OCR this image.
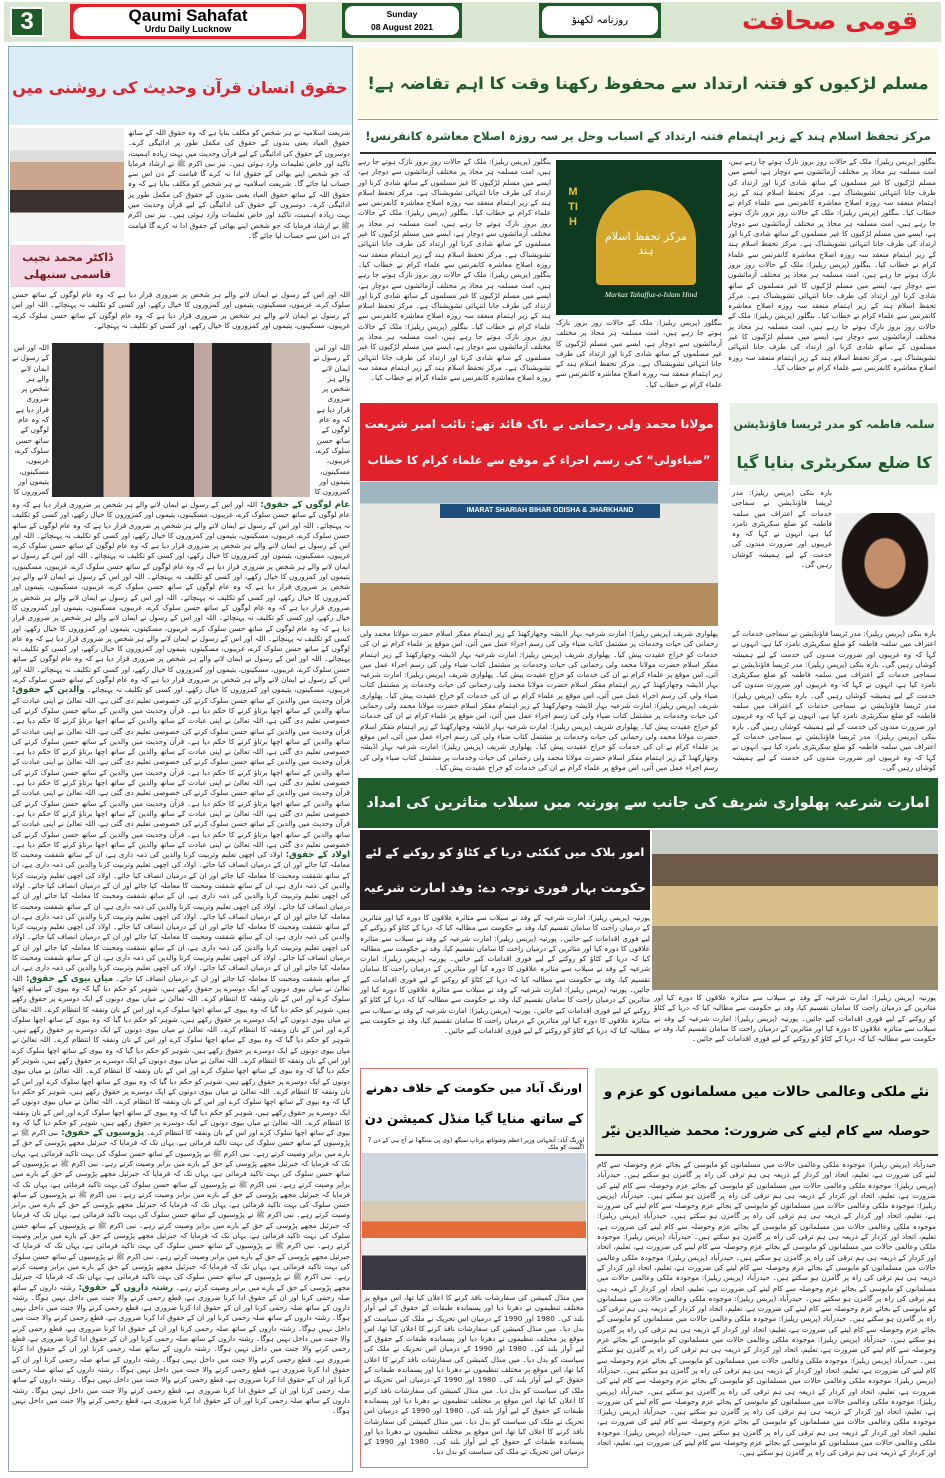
3	Qaumi Sahafat
Urdu Daily Lucknow
Sunday
08 August 2021
روزنامہ لکھنؤ	قومی صحافت
حقوق انسان قرآن وحدیث کی روشنی میں
ڈاکٹر محمد نجیب قاسمی سنبھلی
شریعت اسلامیہ نے ہر شخص کو مکلف بنایا ہے کہ وہ حقوق اللہ کے ساتھ حقوق العباد یعنی بندوں کے حقوق کی مکمل طور پر ادائیگی کرے۔ دوسروں کے حقوق کی ادائیگی کے لیے قرآن وحدیث میں بہت زیادہ اہمیت، تاکید اور خاص تعلیمات وارد ہوئی ہیں۔ نیز نبی اکرم ﷺ نے ارشاد فرمایا کہ جو شخص اپنے بھائی کے حقوق ادا نہ کرے گا قیامت کے دن اس سے حساب لیا جائے گا۔ شریعت اسلامیہ نے ہر شخص کو مکلف بنایا ہے کہ وہ حقوق اللہ کے ساتھ حقوق العباد یعنی بندوں کے حقوق کی مکمل طور پر ادائیگی کرے۔ دوسروں کے حقوق کی ادائیگی کے لیے قرآن وحدیث میں بہت زیادہ اہمیت، تاکید اور خاص تعلیمات وارد ہوئی ہیں۔ نیز نبی اکرم ﷺ نے ارشاد فرمایا کہ جو شخص اپنے بھائی کے حقوق ادا نہ کرے گا قیامت کے دن اس سے حساب لیا جائے گا۔
اللہ اور اس کے رسول نے ایمان لانے والے ہر شخص پر ضروری قرار دیا ہے کہ وہ عام لوگوں کے ساتھ حسن سلوک کرے، غریبوں، مسکینوں، یتیموں اور کمزوروں کا خیال رکھے، اور کسی کو تکلیف نہ پہنچائے۔ اللہ اور اس کے رسول نے ایمان لانے والے ہر شخص پر ضروری قرار دیا ہے کہ وہ عام لوگوں کے ساتھ حسن سلوک کرے، غریبوں، مسکینوں، یتیموں اور کمزوروں کا خیال رکھے، اور کسی کو تکلیف نہ پہنچائے۔
اللہ اور اس کے رسول نے ایمان لانے والے ہر شخص پر ضروری قرار دیا ہے کہ وہ عام لوگوں کے ساتھ حسن سلوک کرے، غریبوں، مسکینوں، یتیموں اور کمزوروں کا
اللہ اور اس کے رسول نے ایمان لانے والے ہر شخص پر ضروری قرار دیا ہے کہ وہ عام لوگوں کے ساتھ حسن سلوک کرے، غریبوں، مسکینوں، یتیموں اور کمزوروں کا
عام لوگوں کے حقوق: اللہ اور اس کے رسول نے ایمان لانے والے ہر شخص پر ضروری قرار دیا ہے کہ وہ عام لوگوں کے ساتھ حسن سلوک کرے، غریبوں، مسکینوں، یتیموں اور کمزوروں کا خیال رکھے، اور کسی کو تکلیف نہ پہنچائے۔ اللہ اور اس کے رسول نے ایمان لانے والے ہر شخص پر ضروری قرار دیا ہے کہ وہ عام لوگوں کے ساتھ حسن سلوک کرے، غریبوں، مسکینوں، یتیموں اور کمزوروں کا خیال رکھے، اور کسی کو تکلیف نہ پہنچائے۔ اللہ اور اس کے رسول نے ایمان لانے والے ہر شخص پر ضروری قرار دیا ہے کہ وہ عام لوگوں کے ساتھ حسن سلوک کرے، غریبوں، مسکینوں، یتیموں اور کمزوروں کا خیال رکھے، اور کسی کو تکلیف نہ پہنچائے۔ اللہ اور اس کے رسول نے ایمان لانے والے ہر شخص پر ضروری قرار دیا ہے کہ وہ عام لوگوں کے ساتھ حسن سلوک کرے، غریبوں، مسکینوں، یتیموں اور کمزوروں کا خیال رکھے، اور کسی کو تکلیف نہ پہنچائے۔ اللہ اور اس کے رسول نے ایمان لانے والے ہر شخص پر ضروری قرار دیا ہے کہ وہ عام لوگوں کے ساتھ حسن سلوک کرے، غریبوں، مسکینوں، یتیموں اور کمزوروں کا خیال رکھے، اور کسی کو تکلیف نہ پہنچائے۔ اللہ اور اس کے رسول نے ایمان لانے والے ہر شخص پر ضروری قرار دیا ہے کہ وہ عام لوگوں کے ساتھ حسن سلوک کرے، غریبوں، مسکینوں، یتیموں اور کمزوروں کا خیال رکھے، اور کسی کو تکلیف نہ پہنچائے۔ اللہ اور اس کے رسول نے ایمان لانے والے ہر شخص پر ضروری قرار دیا ہے کہ وہ عام لوگوں کے ساتھ حسن سلوک کرے، غریبوں، مسکینوں، یتیموں اور کمزوروں کا خیال رکھے، اور کسی کو تکلیف نہ پہنچائے۔ اللہ اور اس کے رسول نے ایمان لانے والے ہر شخص پر ضروری قرار دیا ہے کہ وہ عام لوگوں کے ساتھ حسن سلوک کرے، غریبوں، مسکینوں، یتیموں اور کمزوروں کا خیال رکھے، اور کسی کو تکلیف نہ پہنچائے۔ اللہ اور اس کے رسول نے ایمان لانے والے ہر شخص پر ضروری قرار دیا ہے کہ وہ عام لوگوں کے ساتھ حسن سلوک کرے، غریبوں، مسکینوں، یتیموں اور کمزوروں کا خیال رکھے، اور کسی کو تکلیف نہ پہنچائے۔ اللہ اور اس کے رسول نے ایمان لانے والے ہر شخص پر ضروری قرار دیا ہے کہ وہ عام لوگوں کے ساتھ حسن سلوک کرے، غریبوں، مسکینوں، یتیموں اور کمزوروں کا خیال رکھے، اور کسی کو تکلیف نہ پہنچائے۔ والدین کے حقوق: قرآن وحدیث میں والدین کے ساتھ حسن سلوک کرنے کی خصوصی تعلیم دی گئی ہے، اللہ تعالیٰ نے اپنی عبادت کے ساتھ والدین کے ساتھ اچھا برتاؤ کرنے کا حکم دیا ہے۔ قرآن وحدیث میں والدین کے ساتھ حسن سلوک کرنے کی خصوصی تعلیم دی گئی ہے، اللہ تعالیٰ نے اپنی عبادت کے ساتھ والدین کے ساتھ اچھا برتاؤ کرنے کا حکم دیا ہے۔ قرآن وحدیث میں والدین کے ساتھ حسن سلوک کرنے کی خصوصی تعلیم دی گئی ہے، اللہ تعالیٰ نے اپنی عبادت کے ساتھ والدین کے ساتھ اچھا برتاؤ کرنے کا حکم دیا ہے۔ قرآن وحدیث میں والدین کے ساتھ حسن سلوک کرنے کی خصوصی تعلیم دی گئی ہے، اللہ تعالیٰ نے اپنی عبادت کے ساتھ والدین کے ساتھ اچھا برتاؤ کرنے کا حکم دیا ہے۔ قرآن وحدیث میں والدین کے ساتھ حسن سلوک کرنے کی خصوصی تعلیم دی گئی ہے، اللہ تعالیٰ نے اپنی عبادت کے ساتھ والدین کے ساتھ اچھا برتاؤ کرنے کا حکم دیا ہے۔ قرآن وحدیث میں والدین کے ساتھ حسن سلوک کرنے کی خصوصی تعلیم دی گئی ہے، اللہ تعالیٰ نے اپنی عبادت کے ساتھ والدین کے ساتھ اچھا برتاؤ کرنے کا حکم دیا ہے۔ قرآن وحدیث میں والدین کے ساتھ حسن سلوک کرنے کی خصوصی تعلیم دی گئی ہے، اللہ تعالیٰ نے اپنی عبادت کے ساتھ والدین کے ساتھ اچھا برتاؤ کرنے کا حکم دیا ہے۔ قرآن وحدیث میں والدین کے ساتھ حسن سلوک کرنے کی خصوصی تعلیم دی گئی ہے، اللہ تعالیٰ نے اپنی عبادت کے ساتھ والدین کے ساتھ اچھا برتاؤ کرنے کا حکم دیا ہے۔ قرآن وحدیث میں والدین کے ساتھ حسن سلوک کرنے کی خصوصی تعلیم دی گئی ہے، اللہ تعالیٰ نے اپنی عبادت کے ساتھ والدین کے ساتھ اچھا برتاؤ کرنے کا حکم دیا ہے۔ قرآن وحدیث میں والدین کے ساتھ حسن سلوک کرنے کی خصوصی تعلیم دی گئی ہے، اللہ تعالیٰ نے اپنی عبادت کے ساتھ والدین کے ساتھ اچھا برتاؤ کرنے کا حکم دیا ہے۔ اولاد کے حقوق: اولاد کی اچھی تعلیم وتربیت کرنا والدین کی ذمہ داری ہے، ان کے ساتھ شفقت ومحبت کا معاملہ کیا جائے اور ان کے درمیان انصاف کیا جائے۔ اولاد کی اچھی تعلیم وتربیت کرنا والدین کی ذمہ داری ہے، ان کے ساتھ شفقت ومحبت کا معاملہ کیا جائے اور ان کے درمیان انصاف کیا جائے۔ اولاد کی اچھی تعلیم وتربیت کرنا والدین کی ذمہ داری ہے، ان کے ساتھ شفقت ومحبت کا معاملہ کیا جائے اور ان کے درمیان انصاف کیا جائے۔ اولاد کی اچھی تعلیم وتربیت کرنا والدین کی ذمہ داری ہے، ان کے ساتھ شفقت ومحبت کا معاملہ کیا جائے اور ان کے درمیان انصاف کیا جائے۔ اولاد کی اچھی تعلیم وتربیت کرنا والدین کی ذمہ داری ہے، ان کے ساتھ شفقت ومحبت کا معاملہ کیا جائے اور ان کے درمیان انصاف کیا جائے۔ اولاد کی اچھی تعلیم وتربیت کرنا والدین کی ذمہ داری ہے، ان کے ساتھ شفقت ومحبت کا معاملہ کیا جائے اور ان کے درمیان انصاف کیا جائے۔ اولاد کی اچھی تعلیم وتربیت کرنا والدین کی ذمہ داری ہے، ان کے ساتھ شفقت ومحبت کا معاملہ کیا جائے اور ان کے درمیان انصاف کیا جائے۔ اولاد کی اچھی تعلیم وتربیت کرنا والدین کی ذمہ داری ہے، ان کے ساتھ شفقت ومحبت کا معاملہ کیا جائے اور ان کے درمیان انصاف کیا جائے۔ اولاد کی اچھی تعلیم وتربیت کرنا والدین کی ذمہ داری ہے، ان کے ساتھ شفقت ومحبت کا معاملہ کیا جائے اور ان کے درمیان انصاف کیا جائے۔ اولاد کی اچھی تعلیم وتربیت کرنا والدین کی ذمہ داری ہے، ان کے ساتھ شفقت ومحبت کا معاملہ کیا جائے اور ان کے درمیان انصاف کیا جائے۔ میاں بیوی کے حقوق: اللہ تعالیٰ نے میاں بیوی دونوں کے ایک دوسرے پر حقوق رکھے ہیں، شوہر کو حکم دیا گیا کہ وہ بیوی کے ساتھ اچھا سلوک کرے اور اس کے نان ونفقہ کا انتظام کرے۔ اللہ تعالیٰ نے میاں بیوی دونوں کے ایک دوسرے پر حقوق رکھے ہیں، شوہر کو حکم دیا گیا کہ وہ بیوی کے ساتھ اچھا سلوک کرے اور اس کے نان ونفقہ کا انتظام کرے۔ اللہ تعالیٰ نے میاں بیوی دونوں کے ایک دوسرے پر حقوق رکھے ہیں، شوہر کو حکم دیا گیا کہ وہ بیوی کے ساتھ اچھا سلوک کرے اور اس کے نان ونفقہ کا انتظام کرے۔ اللہ تعالیٰ نے میاں بیوی دونوں کے ایک دوسرے پر حقوق رکھے ہیں، شوہر کو حکم دیا گیا کہ وہ بیوی کے ساتھ اچھا سلوک کرے اور اس کے نان ونفقہ کا انتظام کرے۔ اللہ تعالیٰ نے میاں بیوی دونوں کے ایک دوسرے پر حقوق رکھے ہیں، شوہر کو حکم دیا گیا کہ وہ بیوی کے ساتھ اچھا سلوک کرے اور اس کے نان ونفقہ کا انتظام کرے۔ اللہ تعالیٰ نے میاں بیوی دونوں کے ایک دوسرے پر حقوق رکھے ہیں، شوہر کو حکم دیا گیا کہ وہ بیوی کے ساتھ اچھا سلوک کرے اور اس کے نان ونفقہ کا انتظام کرے۔ اللہ تعالیٰ نے میاں بیوی دونوں کے ایک دوسرے پر حقوق رکھے ہیں، شوہر کو حکم دیا گیا کہ وہ بیوی کے ساتھ اچھا سلوک کرے اور اس کے نان ونفقہ کا انتظام کرے۔ اللہ تعالیٰ نے میاں بیوی دونوں کے ایک دوسرے پر حقوق رکھے ہیں، شوہر کو حکم دیا گیا کہ وہ بیوی کے ساتھ اچھا سلوک کرے اور اس کے نان ونفقہ کا انتظام کرے۔ اللہ تعالیٰ نے میاں بیوی دونوں کے ایک دوسرے پر حقوق رکھے ہیں، شوہر کو حکم دیا گیا کہ وہ بیوی کے ساتھ اچھا سلوک کرے اور اس کے نان ونفقہ کا انتظام کرے۔ اللہ تعالیٰ نے میاں بیوی دونوں کے ایک دوسرے پر حقوق رکھے ہیں، شوہر کو حکم دیا گیا کہ وہ بیوی کے ساتھ اچھا سلوک کرے اور اس کے نان ونفقہ کا انتظام کرے۔ پڑوسیوں کے حقوق: نبی اکرم ﷺ نے پڑوسیوں کے ساتھ حسن سلوک کی بہت تاکید فرمائی ہے، یہاں تک کہ فرمایا کہ جبرئیل مجھے پڑوسی کے حق کے بارے میں برابر وصیت کرتے رہے۔ نبی اکرم ﷺ نے پڑوسیوں کے ساتھ حسن سلوک کی بہت تاکید فرمائی ہے، یہاں تک کہ فرمایا کہ جبرئیل مجھے پڑوسی کے حق کے بارے میں برابر وصیت کرتے رہے۔ نبی اکرم ﷺ نے پڑوسیوں کے ساتھ حسن سلوک کی بہت تاکید فرمائی ہے، یہاں تک کہ فرمایا کہ جبرئیل مجھے پڑوسی کے حق کے بارے میں برابر وصیت کرتے رہے۔ نبی اکرم ﷺ نے پڑوسیوں کے ساتھ حسن سلوک کی بہت تاکید فرمائی ہے، یہاں تک کہ فرمایا کہ جبرئیل مجھے پڑوسی کے حق کے بارے میں برابر وصیت کرتے رہے۔ نبی اکرم ﷺ نے پڑوسیوں کے ساتھ حسن سلوک کی بہت تاکید فرمائی ہے، یہاں تک کہ فرمایا کہ جبرئیل مجھے پڑوسی کے حق کے بارے میں برابر وصیت کرتے رہے۔ نبی اکرم ﷺ نے پڑوسیوں کے ساتھ حسن سلوک کی بہت تاکید فرمائی ہے، یہاں تک کہ فرمایا کہ جبرئیل مجھے پڑوسی کے حق کے بارے میں برابر وصیت کرتے رہے۔ نبی اکرم ﷺ نے پڑوسیوں کے ساتھ حسن سلوک کی بہت تاکید فرمائی ہے، یہاں تک کہ فرمایا کہ جبرئیل مجھے پڑوسی کے حق کے بارے میں برابر وصیت کرتے رہے۔ نبی اکرم ﷺ نے پڑوسیوں کے ساتھ حسن سلوک کی بہت تاکید فرمائی ہے، یہاں تک کہ فرمایا کہ جبرئیل مجھے پڑوسی کے حق کے بارے میں برابر وصیت کرتے رہے۔ نبی اکرم ﷺ نے پڑوسیوں کے ساتھ حسن سلوک کی بہت تاکید فرمائی ہے، یہاں تک کہ فرمایا کہ جبرئیل مجھے پڑوسی کے حق کے بارے میں برابر وصیت کرتے رہے۔ نبی اکرم ﷺ نے پڑوسیوں کے ساتھ حسن سلوک کی بہت تاکید فرمائی ہے، یہاں تک کہ فرمایا کہ جبرئیل مجھے پڑوسی کے حق کے بارے میں برابر وصیت کرتے رہے۔ رشتہ داروں کے حقوق: رشتہ داروں کے ساتھ صلہ رحمی کرنا اور ان کے حقوق ادا کرنا ضروری ہے، قطع رحمی کرنے والا جنت میں داخل نہیں ہوگا۔ رشتہ داروں کے ساتھ صلہ رحمی کرنا اور ان کے حقوق ادا کرنا ضروری ہے، قطع رحمی کرنے والا جنت میں داخل نہیں ہوگا۔ رشتہ داروں کے ساتھ صلہ رحمی کرنا اور ان کے حقوق ادا کرنا ضروری ہے، قطع رحمی کرنے والا جنت میں داخل نہیں ہوگا۔ رشتہ داروں کے ساتھ صلہ رحمی کرنا اور ان کے حقوق ادا کرنا ضروری ہے، قطع رحمی کرنے والا جنت میں داخل نہیں ہوگا۔ رشتہ داروں کے ساتھ صلہ رحمی کرنا اور ان کے حقوق ادا کرنا ضروری ہے، قطع رحمی کرنے والا جنت میں داخل نہیں ہوگا۔ رشتہ داروں کے ساتھ صلہ رحمی کرنا اور ان کے حقوق ادا کرنا ضروری ہے، قطع رحمی کرنے والا جنت میں داخل نہیں ہوگا۔ رشتہ داروں کے ساتھ صلہ رحمی کرنا اور ان کے حقوق ادا کرنا ضروری ہے، قطع رحمی کرنے والا جنت میں داخل نہیں ہوگا۔ رشتہ داروں کے ساتھ صلہ رحمی کرنا اور ان کے حقوق ادا کرنا ضروری ہے، قطع رحمی کرنے والا جنت میں داخل نہیں ہوگا۔ رشتہ داروں کے ساتھ صلہ رحمی کرنا اور ان کے حقوق ادا کرنا ضروری ہے، قطع رحمی کرنے والا جنت میں داخل نہیں ہوگا۔ رشتہ داروں کے ساتھ صلہ رحمی کرنا اور ان کے حقوق ادا کرنا ضروری ہے، قطع رحمی کرنے والا جنت میں داخل نہیں ہوگا۔
مسلم لڑکیوں کو فتنہ ارتداد سے محفوظ رکھنا وقت کا اہم تقاضہ ہے!
مرکز تحفظ اسلام ہند کے زیر اہتمام فتنہ ارتداد کے اسباب وحل پر سہ روزہ اصلاح معاشرہ کانفرنس!
بنگلور (پریس ریلیز): ملک کے حالات روز بروز نازک ہوتے جا رہے ہیں، امت مسلمہ ہر محاذ پر مختلف آزمائشوں سے دوچار ہے، ایسے میں مسلم لڑکیوں کا غیر مسلموں کے ساتھ شادی کرنا اور ارتداد کی طرف جانا انتہائی تشویشناک ہے۔ مرکز تحفظ اسلام ہند کے زیر اہتمام منعقد سہ روزہ اصلاح معاشرہ کانفرنس سے علماء کرام نے خطاب کیا۔ بنگلور (پریس ریلیز): ملک کے حالات روز بروز نازک ہوتے جا رہے ہیں، امت مسلمہ ہر محاذ پر مختلف آزمائشوں سے دوچار ہے، ایسے میں مسلم لڑکیوں کا غیر مسلموں کے ساتھ شادی کرنا اور ارتداد کی طرف جانا انتہائی تشویشناک ہے۔ مرکز تحفظ اسلام ہند کے زیر اہتمام منعقد سہ روزہ اصلاح معاشرہ کانفرنس سے علماء کرام نے خطاب کیا۔ بنگلور (پریس ریلیز): ملک کے حالات روز بروز نازک ہوتے جا رہے ہیں، امت مسلمہ ہر محاذ پر مختلف آزمائشوں سے دوچار ہے، ایسے میں مسلم لڑکیوں کا غیر مسلموں کے ساتھ شادی کرنا اور ارتداد کی طرف جانا انتہائی تشویشناک ہے۔ مرکز تحفظ اسلام ہند کے زیر اہتمام منعقد سہ روزہ اصلاح معاشرہ کانفرنس سے علماء کرام نے خطاب کیا۔ بنگلور (پریس ریلیز): ملک کے حالات روز بروز نازک ہوتے جا رہے ہیں، امت مسلمہ ہر محاذ پر مختلف آزمائشوں سے دوچار ہے، ایسے میں مسلم لڑکیوں کا غیر مسلموں کے ساتھ شادی کرنا اور ارتداد کی طرف جانا انتہائی تشویشناک ہے۔ مرکز تحفظ اسلام ہند کے زیر اہتمام منعقد سہ روزہ اصلاح معاشرہ کانفرنس سے علماء کرام نے خطاب کیا۔
MTIH
مرکز تحفظ اسلام ہند
Markaz Tahaffuz-e-Islam Hind
بنگلور (پریس ریلیز): ملک کے حالات روز بروز نازک ہوتے جا رہے ہیں، امت مسلمہ ہر محاذ پر مختلف آزمائشوں سے دوچار ہے، ایسے میں مسلم لڑکیوں کا غیر مسلموں کے ساتھ شادی کرنا اور ارتداد کی طرف جانا انتہائی تشویشناک ہے۔ مرکز تحفظ اسلام ہند کے زیر اہتمام منعقد سہ روزہ اصلاح معاشرہ کانفرنس سے علماء کرام نے خطاب کیا۔ بنگلور (پریس ریلیز): ملک کے حالات روز بروز نازک ہوتے جا رہے ہیں، امت مسلمہ ہر محاذ پر مختلف آزمائشوں سے دوچار ہے، ایسے میں مسلم لڑکیوں کا غیر مسلموں کے ساتھ شادی کرنا اور ارتداد کی طرف جانا انتہائی تشویشناک ہے۔ مرکز تحفظ اسلام ہند کے زیر اہتمام منعقد سہ روزہ اصلاح معاشرہ کانفرنس سے علماء کرام نے خطاب کیا۔ بنگلور (پریس ریلیز): ملک کے حالات روز بروز نازک ہوتے جا رہے ہیں، امت مسلمہ ہر محاذ پر مختلف آزمائشوں سے دوچار ہے، ایسے میں مسلم لڑکیوں کا غیر مسلموں کے ساتھ شادی کرنا اور ارتداد کی طرف جانا انتہائی تشویشناک ہے۔ مرکز تحفظ اسلام ہند کے زیر اہتمام منعقد سہ روزہ اصلاح معاشرہ کانفرنس سے علماء کرام نے خطاب کیا۔ بنگلور (پریس ریلیز): ملک کے حالات روز بروز نازک ہوتے جا رہے ہیں، امت مسلمہ ہر محاذ پر مختلف آزمائشوں سے دوچار ہے، ایسے میں مسلم لڑکیوں کا غیر مسلموں کے ساتھ شادی کرنا اور ارتداد کی طرف جانا انتہائی تشویشناک ہے۔ مرکز تحفظ اسلام ہند کے زیر اہتمام منعقد سہ روزہ اصلاح معاشرہ کانفرنس سے علماء کرام نے خطاب کیا۔
بنگلور (پریس ریلیز): ملک کے حالات روز بروز نازک ہوتے جا رہے ہیں، امت مسلمہ ہر محاذ پر مختلف آزمائشوں سے دوچار ہے، ایسے میں مسلم لڑکیوں کا غیر مسلموں کے ساتھ شادی کرنا اور ارتداد کی طرف جانا انتہائی تشویشناک ہے۔ مرکز تحفظ اسلام ہند کے زیر اہتمام منعقد سہ روزہ اصلاح معاشرہ کانفرنس سے علماء کرام نے خطاب کیا۔
مولانا محمد ولی رحمانی بے باک قائد تھے: نائب امیر شریعت
”ضیاءولی“ کی رسم اجراء کے موقع سے علماء کرام کا خطاب
IMARAT SHARIAH BIHAR ODISHA & JHARKHAND
پھلواری شریف (پریس ریلیز): امارت شرعیہ بہار اڈیشہ وجھارکھنڈ کے زیر اہتمام مفکر اسلام حضرت مولانا محمد ولی رحمانی کی حیات وخدمات پر مشتمل کتاب ضیاء ولی کی رسم اجراء عمل میں آئی، اس موقع پر علماء کرام نے ان کی خدمات کو خراج عقیدت پیش کیا۔ پھلواری شریف (پریس ریلیز): امارت شرعیہ بہار اڈیشہ وجھارکھنڈ کے زیر اہتمام مفکر اسلام حضرت مولانا محمد ولی رحمانی کی حیات وخدمات پر مشتمل کتاب ضیاء ولی کی رسم اجراء عمل میں آئی، اس موقع پر علماء کرام نے ان کی خدمات کو خراج عقیدت پیش کیا۔ پھلواری شریف (پریس ریلیز): امارت شرعیہ بہار اڈیشہ وجھارکھنڈ کے زیر اہتمام مفکر اسلام حضرت مولانا محمد ولی رحمانی کی حیات وخدمات پر مشتمل کتاب ضیاء ولی کی رسم اجراء عمل میں آئی، اس موقع پر علماء کرام نے ان کی خدمات کو خراج عقیدت پیش کیا۔ پھلواری شریف (پریس ریلیز): امارت شرعیہ بہار اڈیشہ وجھارکھنڈ کے زیر اہتمام مفکر اسلام حضرت مولانا محمد ولی رحمانی کی حیات وخدمات پر مشتمل کتاب ضیاء ولی کی رسم اجراء عمل میں آئی، اس موقع پر علماء کرام نے ان کی خدمات کو خراج عقیدت پیش کیا۔ پھلواری شریف (پریس ریلیز): امارت شرعیہ بہار اڈیشہ وجھارکھنڈ کے زیر اہتمام مفکر اسلام حضرت مولانا محمد ولی رحمانی کی حیات وخدمات پر مشتمل کتاب ضیاء ولی کی رسم اجراء عمل میں آئی، اس موقع پر علماء کرام نے ان کی خدمات کو خراج عقیدت پیش کیا۔ پھلواری شریف (پریس ریلیز): امارت شرعیہ بہار اڈیشہ وجھارکھنڈ کے زیر اہتمام مفکر اسلام حضرت مولانا محمد ولی رحمانی کی حیات وخدمات پر مشتمل کتاب ضیاء ولی کی رسم اجراء عمل میں آئی، اس موقع پر علماء کرام نے ان کی خدمات کو خراج عقیدت پیش کیا۔
سلمہ فاطمہ کو مدر ٹریسا فاؤنڈیشن
کا ضلع سکریٹری بنایا گیا
بارہ بنکی (پریس ریلیز): مدر ٹریسا فاؤنڈیشن نے سماجی خدمات کے اعتراف میں سلمہ فاطمہ کو ضلع سکریٹری نامزد کیا ہے، انہوں نے کہا کہ وہ غریبوں اور ضرورت مندوں کی خدمت کے لیے ہمیشہ کوشاں رہیں گی۔
بارہ بنکی (پریس ریلیز): مدر ٹریسا فاؤنڈیشن نے سماجی خدمات کے اعتراف میں سلمہ فاطمہ کو ضلع سکریٹری نامزد کیا ہے، انہوں نے کہا کہ وہ غریبوں اور ضرورت مندوں کی خدمت کے لیے ہمیشہ کوشاں رہیں گی۔ بارہ بنکی (پریس ریلیز): مدر ٹریسا فاؤنڈیشن نے سماجی خدمات کے اعتراف میں سلمہ فاطمہ کو ضلع سکریٹری نامزد کیا ہے، انہوں نے کہا کہ وہ غریبوں اور ضرورت مندوں کی خدمت کے لیے ہمیشہ کوشاں رہیں گی۔ بارہ بنکی (پریس ریلیز): مدر ٹریسا فاؤنڈیشن نے سماجی خدمات کے اعتراف میں سلمہ فاطمہ کو ضلع سکریٹری نامزد کیا ہے، انہوں نے کہا کہ وہ غریبوں اور ضرورت مندوں کی خدمت کے لیے ہمیشہ کوشاں رہیں گی۔ بارہ بنکی (پریس ریلیز): مدر ٹریسا فاؤنڈیشن نے سماجی خدمات کے اعتراف میں سلمہ فاطمہ کو ضلع سکریٹری نامزد کیا ہے، انہوں نے کہا کہ وہ غریبوں اور ضرورت مندوں کی خدمت کے لیے ہمیشہ کوشاں رہیں گی۔
امارت شرعیہ پھلواری شریف کی جانب سے پورنیہ میں سیلاب متاثرین کی امداد
امور بلاک میں کنکئی دریا کے کٹاؤ کو روکنے کے لئے
حکومت بہار فوری توجہ دے: وفد امارت شرعیہ
پورنیہ (پریس ریلیز): امارت شرعیہ کے وفد نے سیلاب سے متاثرہ علاقوں کا دورہ کیا اور متاثرین کے درمیان راحت کا سامان تقسیم کیا، وفد نے حکومت سے مطالبہ کیا کہ دریا کے کٹاؤ کو روکنے کے لیے فوری اقدامات کیے جائیں۔ پورنیہ (پریس ریلیز): امارت شرعیہ کے وفد نے سیلاب سے متاثرہ علاقوں کا دورہ کیا اور متاثرین کے درمیان راحت کا سامان تقسیم کیا، وفد نے حکومت سے مطالبہ کیا کہ دریا کے کٹاؤ کو روکنے کے لیے فوری اقدامات کیے جائیں۔ پورنیہ (پریس ریلیز): امارت شرعیہ کے وفد نے سیلاب سے متاثرہ علاقوں کا دورہ کیا اور متاثرین کے درمیان راحت کا سامان تقسیم کیا، وفد نے حکومت سے مطالبہ کیا کہ دریا کے کٹاؤ کو روکنے کے لیے فوری اقدامات کیے جائیں۔ پورنیہ (پریس ریلیز): امارت شرعیہ کے وفد نے سیلاب سے متاثرہ علاقوں کا دورہ کیا اور متاثرین کے درمیان راحت کا سامان تقسیم کیا، وفد نے حکومت سے مطالبہ کیا کہ دریا کے کٹاؤ کو روکنے کے لیے فوری اقدامات کیے جائیں۔ پورنیہ (پریس ریلیز): امارت شرعیہ کے وفد نے سیلاب سے متاثرہ علاقوں کا دورہ کیا اور متاثرین کے درمیان راحت کا سامان تقسیم کیا، وفد نے حکومت سے مطالبہ کیا کہ دریا کے کٹاؤ کو روکنے کے لیے فوری اقدامات کیے جائیں۔
پورنیہ (پریس ریلیز): امارت شرعیہ کے وفد نے سیلاب سے متاثرہ علاقوں کا دورہ کیا اور متاثرین کے درمیان راحت کا سامان تقسیم کیا، وفد نے حکومت سے مطالبہ کیا کہ دریا کے کٹاؤ کو روکنے کے لیے فوری اقدامات کیے جائیں۔ پورنیہ (پریس ریلیز): امارت شرعیہ کے وفد نے سیلاب سے متاثرہ علاقوں کا دورہ کیا اور متاثرین کے درمیان راحت کا سامان تقسیم کیا، وفد نے حکومت سے مطالبہ کیا کہ دریا کے کٹاؤ کو روکنے کے لیے فوری اقدامات کیے جائیں۔
اورنگ آباد میں حکومت کے خلاف دھرنے
کے ساتھ منایا گیا منڈل کمیشن دن
اورنگ آباد: آنجہانی وزیر اعظم وشوناتھ پرتاپ سنگھ (وی پی سنگھ) نے آج ہی کے دن 7 اگست کو ملک
میں منڈل کمیشن کی سفارشات نافذ کرنے کا اعلان کیا تھا، اس موقع پر مختلف تنظیموں نے دھرنا دیا اور پسماندہ طبقات کے حقوق کے لیے آواز بلند کی۔ 1980 اور 1990 کے درمیان اس تحریک نے ملک کی سیاست کو بدل دیا۔ میں منڈل کمیشن کی سفارشات نافذ کرنے کا اعلان کیا تھا، اس موقع پر مختلف تنظیموں نے دھرنا دیا اور پسماندہ طبقات کے حقوق کے لیے آواز بلند کی۔ 1980 اور 1990 کے درمیان اس تحریک نے ملک کی سیاست کو بدل دیا۔ میں منڈل کمیشن کی سفارشات نافذ کرنے کا اعلان کیا تھا، اس موقع پر مختلف تنظیموں نے دھرنا دیا اور پسماندہ طبقات کے حقوق کے لیے آواز بلند کی۔ 1980 اور 1990 کے درمیان اس تحریک نے ملک کی سیاست کو بدل دیا۔ میں منڈل کمیشن کی سفارشات نافذ کرنے کا اعلان کیا تھا، اس موقع پر مختلف تنظیموں نے دھرنا دیا اور پسماندہ طبقات کے حقوق کے لیے آواز بلند کی۔ 1980 اور 1990 کے درمیان اس تحریک نے ملک کی سیاست کو بدل دیا۔ میں منڈل کمیشن کی سفارشات نافذ کرنے کا اعلان کیا تھا، اس موقع پر مختلف تنظیموں نے دھرنا دیا اور پسماندہ طبقات کے حقوق کے لیے آواز بلند کی۔ 1980 اور 1990 کے درمیان اس تحریک نے ملک کی سیاست کو بدل دیا۔
نئے ملکی وعالمی حالات میں مسلمانوں کو عزم و
حوصلہ سے کام لینے کی ضرورت: محمد ضیاالدین نیّر
حیدرآباد (پریس ریلیز): موجودہ ملکی وعالمی حالات میں مسلمانوں کو مایوسی کے بجائے عزم وحوصلہ سے کام لینے کی ضرورت ہے، تعلیم، اتحاد اور کردار کے ذریعہ ہی ہم ترقی کی راہ پر گامزن ہو سکتے ہیں۔ حیدرآباد (پریس ریلیز): موجودہ ملکی وعالمی حالات میں مسلمانوں کو مایوسی کے بجائے عزم وحوصلہ سے کام لینے کی ضرورت ہے، تعلیم، اتحاد اور کردار کے ذریعہ ہی ہم ترقی کی راہ پر گامزن ہو سکتے ہیں۔ حیدرآباد (پریس ریلیز): موجودہ ملکی وعالمی حالات میں مسلمانوں کو مایوسی کے بجائے عزم وحوصلہ سے کام لینے کی ضرورت ہے، تعلیم، اتحاد اور کردار کے ذریعہ ہی ہم ترقی کی راہ پر گامزن ہو سکتے ہیں۔ حیدرآباد (پریس ریلیز): موجودہ ملکی وعالمی حالات میں مسلمانوں کو مایوسی کے بجائے عزم وحوصلہ سے کام لینے کی ضرورت ہے، تعلیم، اتحاد اور کردار کے ذریعہ ہی ہم ترقی کی راہ پر گامزن ہو سکتے ہیں۔ حیدرآباد (پریس ریلیز): موجودہ ملکی وعالمی حالات میں مسلمانوں کو مایوسی کے بجائے عزم وحوصلہ سے کام لینے کی ضرورت ہے، تعلیم، اتحاد اور کردار کے ذریعہ ہی ہم ترقی کی راہ پر گامزن ہو سکتے ہیں۔ حیدرآباد (پریس ریلیز): موجودہ ملکی وعالمی حالات میں مسلمانوں کو مایوسی کے بجائے عزم وحوصلہ سے کام لینے کی ضرورت ہے، تعلیم، اتحاد اور کردار کے ذریعہ ہی ہم ترقی کی راہ پر گامزن ہو سکتے ہیں۔ حیدرآباد (پریس ریلیز): موجودہ ملکی وعالمی حالات میں مسلمانوں کو مایوسی کے بجائے عزم وحوصلہ سے کام لینے کی ضرورت ہے، تعلیم، اتحاد اور کردار کے ذریعہ ہی ہم ترقی کی راہ پر گامزن ہو سکتے ہیں۔ حیدرآباد (پریس ریلیز): موجودہ ملکی وعالمی حالات میں مسلمانوں کو مایوسی کے بجائے عزم وحوصلہ سے کام لینے کی ضرورت ہے، تعلیم، اتحاد اور کردار کے ذریعہ ہی ہم ترقی کی راہ پر گامزن ہو سکتے ہیں۔ حیدرآباد (پریس ریلیز): موجودہ ملکی وعالمی حالات میں مسلمانوں کو مایوسی کے بجائے عزم وحوصلہ سے کام لینے کی ضرورت ہے، تعلیم، اتحاد اور کردار کے ذریعہ ہی ہم ترقی کی راہ پر گامزن ہو سکتے ہیں۔ حیدرآباد (پریس ریلیز): موجودہ ملکی وعالمی حالات میں مسلمانوں کو مایوسی کے بجائے عزم وحوصلہ سے کام لینے کی ضرورت ہے، تعلیم، اتحاد اور کردار کے ذریعہ ہی ہم ترقی کی راہ پر گامزن ہو سکتے ہیں۔ حیدرآباد (پریس ریلیز): موجودہ ملکی وعالمی حالات میں مسلمانوں کو مایوسی کے بجائے عزم وحوصلہ سے کام لینے کی ضرورت ہے، تعلیم، اتحاد اور کردار کے ذریعہ ہی ہم ترقی کی راہ پر گامزن ہو سکتے ہیں۔ حیدرآباد (پریس ریلیز): موجودہ ملکی وعالمی حالات میں مسلمانوں کو مایوسی کے بجائے عزم وحوصلہ سے کام لینے کی ضرورت ہے، تعلیم، اتحاد اور کردار کے ذریعہ ہی ہم ترقی کی راہ پر گامزن ہو سکتے ہیں۔ حیدرآباد (پریس ریلیز): موجودہ ملکی وعالمی حالات میں مسلمانوں کو مایوسی کے بجائے عزم وحوصلہ سے کام لینے کی ضرورت ہے، تعلیم، اتحاد اور کردار کے ذریعہ ہی ہم ترقی کی راہ پر گامزن ہو سکتے ہیں۔ حیدرآباد (پریس ریلیز): موجودہ ملکی وعالمی حالات میں مسلمانوں کو مایوسی کے بجائے عزم وحوصلہ سے کام لینے کی ضرورت ہے، تعلیم، اتحاد اور کردار کے ذریعہ ہی ہم ترقی کی راہ پر گامزن ہو سکتے ہیں۔ حیدرآباد (پریس ریلیز): موجودہ ملکی وعالمی حالات میں مسلمانوں کو مایوسی کے بجائے عزم وحوصلہ سے کام لینے کی ضرورت ہے، تعلیم، اتحاد اور کردار کے ذریعہ ہی ہم ترقی کی راہ پر گامزن ہو سکتے ہیں۔
